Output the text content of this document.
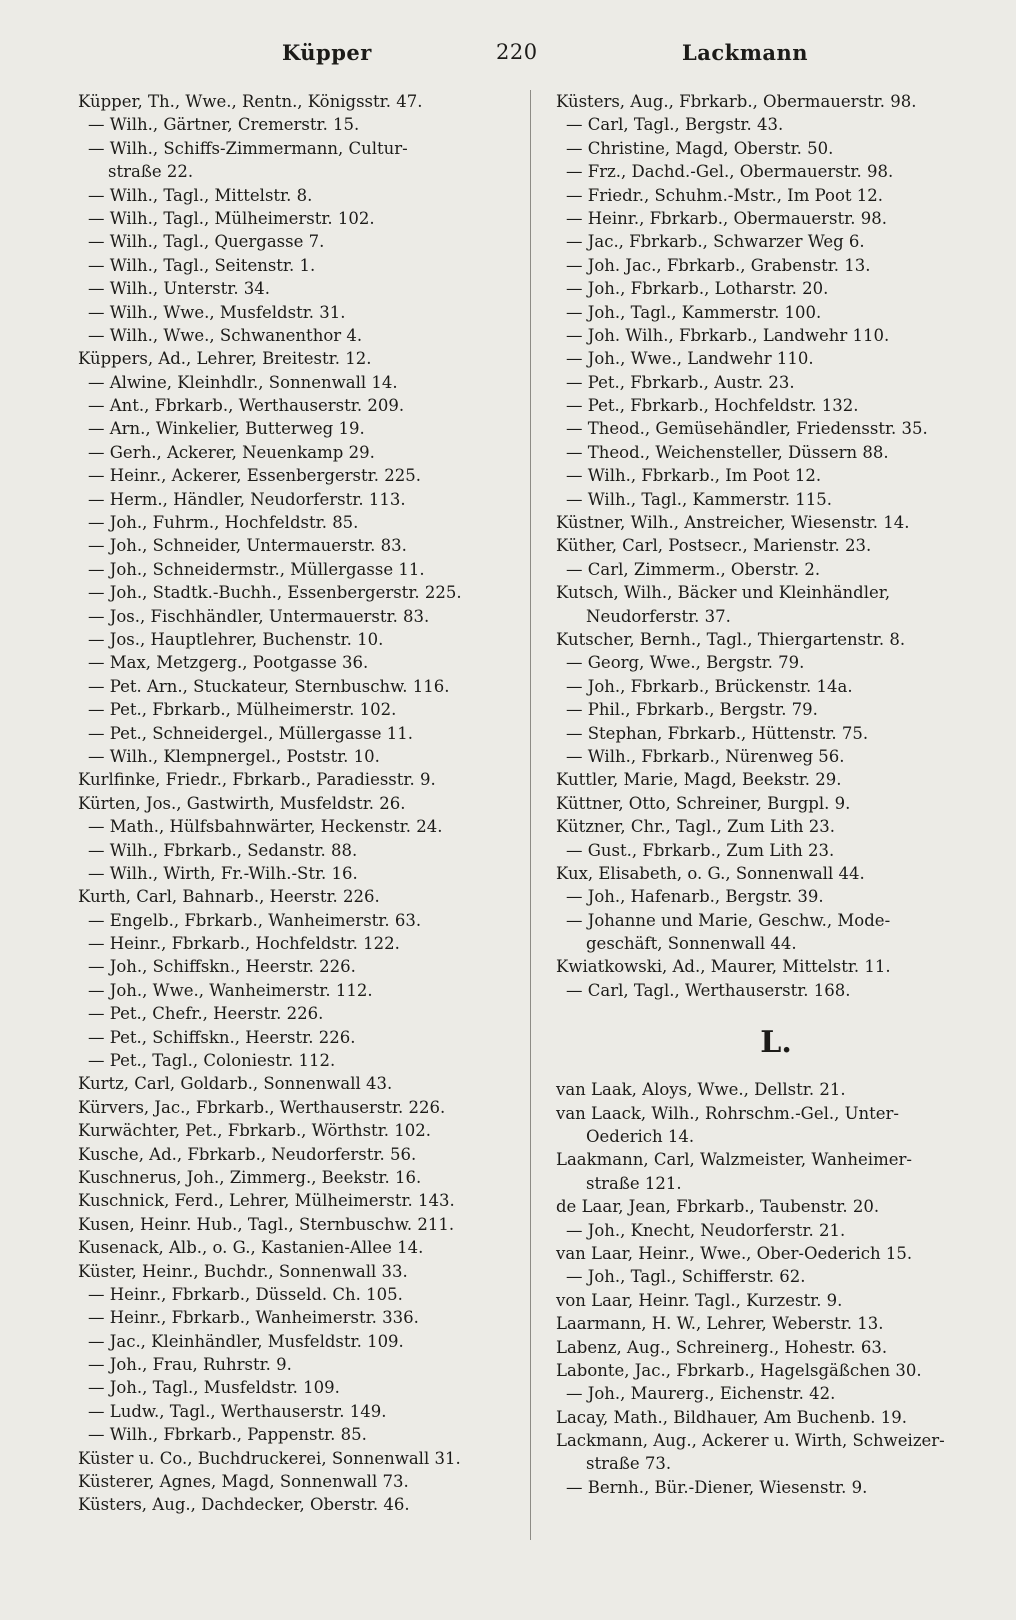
Küpper	220	Lackmann
Küpper, Th., Wwe., Rentn., Königsstr. 47.
— Wilh., Gärtner, Cremerstr. 15.
— Wilh., Schiffs-Zimmermann, Cultur-
straße 22.
— Wilh., Tagl., Mittelstr. 8.
— Wilh., Tagl., Mülheimerstr. 102.
— Wilh., Tagl., Quergasse 7.
— Wilh., Tagl., Seitenstr. 1.
— Wilh., Unterstr. 34.
— Wilh., Wwe., Musfeldstr. 31.
— Wilh., Wwe., Schwanenthor 4.
Küppers, Ad., Lehrer, Breitestr. 12.
— Alwine, Kleinhdlr., Sonnenwall 14.
— Ant., Fbrkarb., Werthauserstr. 209.
— Arn., Winkelier, Butterweg 19.
— Gerh., Ackerer, Neuenkamp 29.
— Heinr., Ackerer, Essenbergerstr. 225.
— Herm., Händler, Neudorferstr. 113.
— Joh., Fuhrm., Hochfeldstr. 85.
— Joh., Schneider, Untermauerstr. 83.
— Joh., Schneidermstr., Müllergasse 11.
— Joh., Stadtk.-Buchh., Essenbergerstr. 225.
— Jos., Fischhändler, Untermauerstr. 83.
— Jos., Hauptlehrer, Buchenstr. 10.
— Max, Metzgerg., Pootgasse 36.
— Pet. Arn., Stuckateur, Sternbuschw. 116.
— Pet., Fbrkarb., Mülheimerstr. 102.
— Pet., Schneidergel., Müllergasse 11.
— Wilh., Klempnergel., Poststr. 10.
Kurlfinke, Friedr., Fbrkarb., Paradiesstr. 9.
Kürten, Jos., Gastwirth, Musfeldstr. 26.
— Math., Hülfsbahnwärter, Heckenstr. 24.
— Wilh., Fbrkarb., Sedanstr. 88.
— Wilh., Wirth, Fr.-Wilh.-Str. 16.
Kurth, Carl, Bahnarb., Heerstr. 226.
— Engelb., Fbrkarb., Wanheimerstr. 63.
— Heinr., Fbrkarb., Hochfeldstr. 122.
— Joh., Schiffskn., Heerstr. 226.
— Joh., Wwe., Wanheimerstr. 112.
— Pet., Chefr., Heerstr. 226.
— Pet., Schiffskn., Heerstr. 226.
— Pet., Tagl., Coloniestr. 112.
Kurtz, Carl, Goldarb., Sonnenwall 43.
Kürvers, Jac., Fbrkarb., Werthauserstr. 226.
Kurwächter, Pet., Fbrkarb., Wörthstr. 102.
Kusche, Ad., Fbrkarb., Neudorferstr. 56.
Kuschnerus, Joh., Zimmerg., Beekstr. 16.
Kuschnick, Ferd., Lehrer, Mülheimerstr. 143.
Kusen, Heinr. Hub., Tagl., Sternbuschw. 211.
Kusenack, Alb., o. G., Kastanien-Allee 14.
Küster, Heinr., Buchdr., Sonnenwall 33.
— Heinr., Fbrkarb., Düsseld. Ch. 105.
— Heinr., Fbrkarb., Wanheimerstr. 336.
— Jac., Kleinhändler, Musfeldstr. 109.
— Joh., Frau, Ruhrstr. 9.
— Joh., Tagl., Musfeldstr. 109.
— Ludw., Tagl., Werthauserstr. 149.
— Wilh., Fbrkarb., Pappenstr. 85.
Küster u. Co., Buchdruckerei, Sonnenwall 31.
Küsterer, Agnes, Magd, Sonnenwall 73.
Küsters, Aug., Dachdecker, Oberstr. 46.
Küsters, Aug., Fbrkarb., Obermauerstr. 98.
— Carl, Tagl., Bergstr. 43.
— Christine, Magd, Oberstr. 50.
— Frz., Dachd.-Gel., Obermauerstr. 98.
— Friedr., Schuhm.-Mstr., Im Poot 12.
— Heinr., Fbrkarb., Obermauerstr. 98.
— Jac., Fbrkarb., Schwarzer Weg 6.
— Joh. Jac., Fbrkarb., Grabenstr. 13.
— Joh., Fbrkarb., Lotharstr. 20.
— Joh., Tagl., Kammerstr. 100.
— Joh. Wilh., Fbrkarb., Landwehr 110.
— Joh., Wwe., Landwehr 110.
— Pet., Fbrkarb., Austr. 23.
— Pet., Fbrkarb., Hochfeldstr. 132.
— Theod., Gemüsehändler, Friedensstr. 35.
— Theod., Weichensteller, Düssern 88.
— Wilh., Fbrkarb., Im Poot 12.
— Wilh., Tagl., Kammerstr. 115.
Küstner, Wilh., Anstreicher, Wiesenstr. 14.
Küther, Carl, Postsecr., Marienstr. 23.
— Carl, Zimmerm., Oberstr. 2.
Kutsch, Wilh., Bäcker und Kleinhändler,
Neudorferstr. 37.
Kutscher, Bernh., Tagl., Thiergartenstr. 8.
— Georg, Wwe., Bergstr. 79.
— Joh., Fbrkarb., Brückenstr. 14a.
— Phil., Fbrkarb., Bergstr. 79.
— Stephan, Fbrkarb., Hüttenstr. 75.
— Wilh., Fbrkarb., Nürenweg 56.
Kuttler, Marie, Magd, Beekstr. 29.
Küttner, Otto, Schreiner, Burgpl. 9.
Kützner, Chr., Tagl., Zum Lith 23.
— Gust., Fbrkarb., Zum Lith 23.
Kux, Elisabeth, o. G., Sonnenwall 44.
— Joh., Hafenarb., Bergstr. 39.
— Johanne und Marie, Geschw., Mode-
geschäft, Sonnenwall 44.
Kwiatkowski, Ad., Maurer, Mittelstr. 11.
— Carl, Tagl., Werthauserstr. 168.
L.
van Laak, Aloys, Wwe., Dellstr. 21.
van Laack, Wilh., Rohrschm.-Gel., Unter-
Oederich 14.
Laakmann, Carl, Walzmeister, Wanheimer-
straße 121.
de Laar, Jean, Fbrkarb., Taubenstr. 20.
— Joh., Knecht, Neudorferstr. 21.
van Laar, Heinr., Wwe., Ober-Oederich 15.
— Joh., Tagl., Schifferstr. 62.
von Laar, Heinr. Tagl., Kurzestr. 9.
Laarmann, H. W., Lehrer, Weberstr. 13.
Labenz, Aug., Schreinerg., Hohestr. 63.
Labonte, Jac., Fbrkarb., Hagelsgäßchen 30.
— Joh., Maurerg., Eichenstr. 42.
Lacay, Math., Bildhauer, Am Buchenb. 19.
Lackmann, Aug., Ackerer u. Wirth, Schweizer-
straße 73.
— Bernh., Bür.-Diener, Wiesenstr. 9.
